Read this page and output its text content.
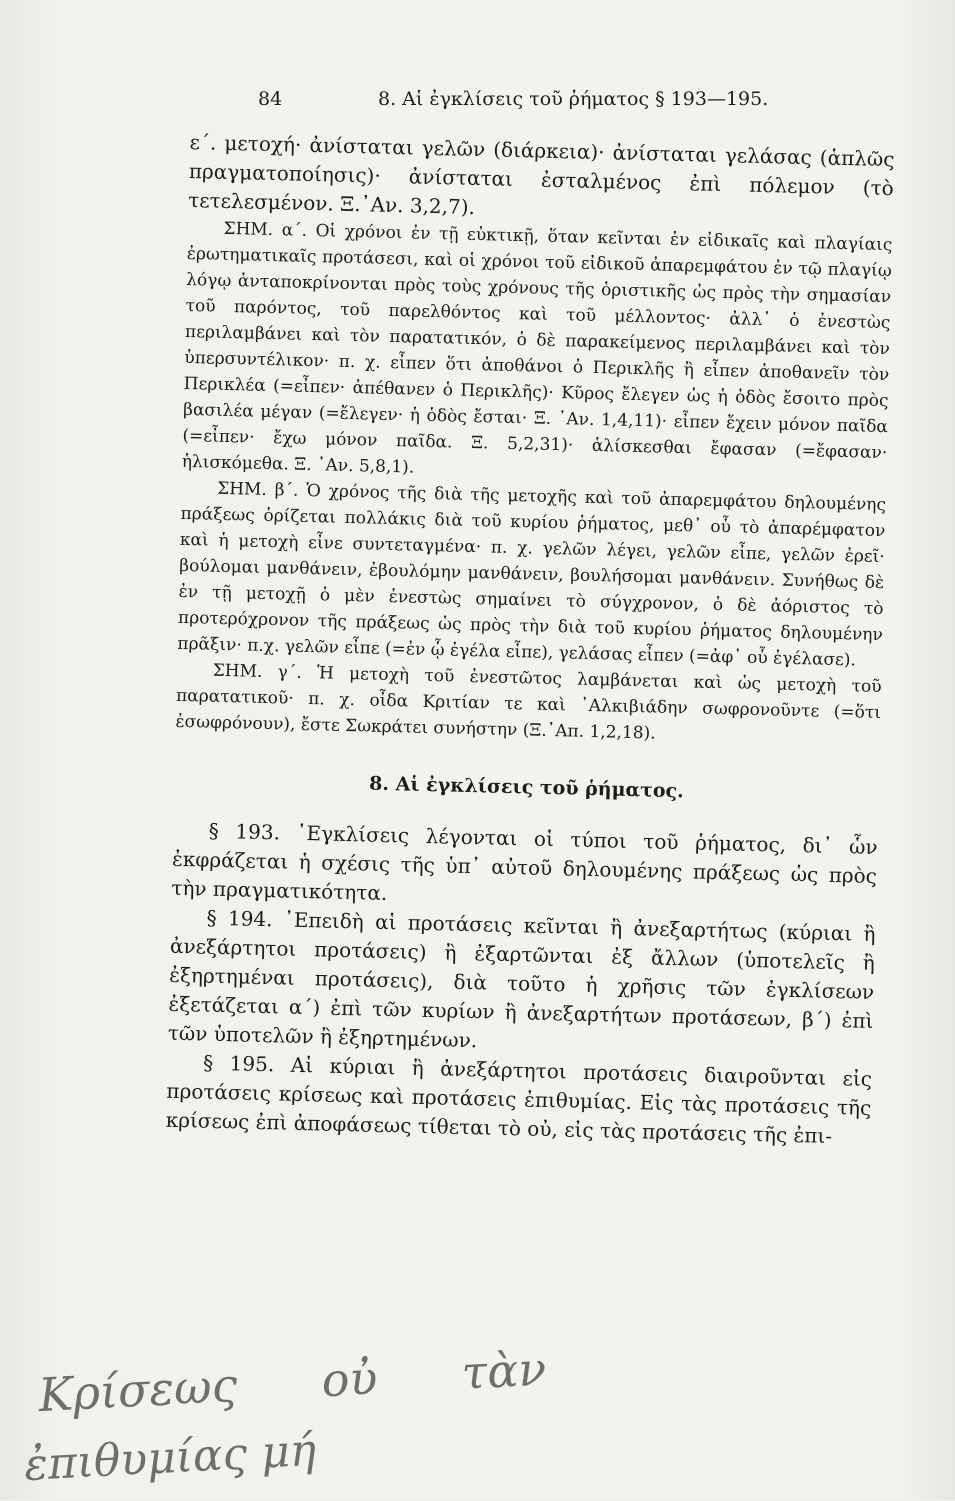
84	8. Αἱ ἐγκλίσεις τοῦ ῥήματος § 193—195.

ε΄. μετοχή· ἀνίσταται γελῶν (διάρκεια)· ἀνίσταται γελάσας (ἁπλῶς πραγματοποίησις)· ἀνίσταται ἐσταλμένος ἐπὶ πόλεμον (τὸ τετελεσμένον. Ξ.᾽Αν. 3,2,7).

ΣΗΜ. α΄. Οἱ χρόνοι ἐν τῇ εὐκτικῇ, ὅταν κεῖνται ἐν εἰδικαῖς καὶ πλαγίαις ἐρωτηματικαῖς προτάσεσι, καὶ οἱ χρόνοι τοῦ εἰδικοῦ ἀπαρεμφάτου ἐν τῷ πλαγίῳ λόγῳ ἀνταποκρίνονται πρὸς τοὺς χρόνους τῆς ὁριστικῆς ὡς πρὸς τὴν σημασίαν τοῦ παρόντος, τοῦ παρελθόντος καὶ τοῦ μέλλοντος· ἀλλ᾽ ὁ ἐνεστὼς περιλαμβάνει καὶ τὸν παρατατικόν, ὁ δὲ παρακείμενος περιλαμβάνει καὶ τὸν ὑπερσυντέλικον· π. χ. εἶπεν ὅτι ἀποθάνοι ὁ Περικλῆς ἢ εἶπεν ἀποθανεῖν τὸν Περικλέα (=εἶπεν· ἀπέθανεν ὁ Περικλῆς)· Κῦρος ἔλεγεν ὡς ἡ ὁδὸς ἔσοιτο πρὸς βασιλέα μέγαν (=ἔλεγεν· ἡ ὁδὸς ἔσται· Ξ. ᾽Αν. 1,4,11)· εἶπεν ἔχειν μόνον παῖδα (=εἶπεν· ἔχω μόνον παῖδα. Ξ. 5,2,31)· ἁλίσκεσθαι ἔφασαν (=ἔφασαν· ἡλισκόμεθα. Ξ. ᾽Αν. 5,8,1).

ΣΗΜ. β΄. Ὁ χρόνος τῆς διὰ τῆς μετοχῆς καὶ τοῦ ἀπαρεμφάτου δηλουμένης πράξεως ὁρίζεται πολλάκις διὰ τοῦ κυρίου ῥήματος, μεθ᾽ οὗ τὸ ἀπαρέμφατον καὶ ἡ μετοχὴ εἶνε συντεταγμένα· π. χ. γελῶν λέγει, γελῶν εἶπε, γελῶν ἐρεῖ· βούλομαι μανθάνειν, ἐβουλόμην μανθάνειν, βουλήσομαι μανθάνειν. Συνήθως δὲ ἐν τῇ μετοχῇ ὁ μὲν ἐνεστὼς σημαίνει τὸ σύγχρονον, ὁ δὲ ἀόριστος τὸ προτερόχρονον τῆς πράξεως ὡς πρὸς τὴν διὰ τοῦ κυρίου ῥήματος δηλουμένην πρᾶξιν· π.χ. γελῶν εἶπε (=ἐν ᾧ ἐγέλα εἶπε), γελάσας εἶπεν (=ἀφ᾽ οὗ ἐγέλασε).

ΣΗΜ. γ΄. Ἡ μετοχὴ τοῦ ἐνεστῶτος λαμβάνεται καὶ ὡς μετοχὴ τοῦ παρατατικοῦ· π. χ. οἶδα Κριτίαν τε καὶ ᾽Αλκιβιάδην σωφρονοῦντε (=ὅτι ἐσωφρόνουν), ἔστε Σωκράτει συνήστην (Ξ.᾽Απ. 1,2,18).

8. Αἱ ἐγκλίσεις τοῦ ῥήματος.

§ 193. ᾽Εγκλίσεις λέγονται οἱ τύποι τοῦ ῥήματος, δι᾽ ὧν ἐκφράζεται ἡ σχέσις τῆς ὑπ᾽ αὐτοῦ δηλουμένης πράξεως ὡς πρὸς τὴν πραγματικότητα.

§ 194. ᾽Επειδὴ αἱ προτάσεις κεῖνται ἢ ἀνεξαρτήτως (κύριαι ἢ ἀνεξάρτητοι προτάσεις) ἢ ἐξαρτῶνται ἐξ ἄλλων (ὑποτελεῖς ἢ ἐξηρτημέναι προτάσεις), διὰ τοῦτο ἡ χρῆσις τῶν ἐγκλίσεων ἐξετάζεται α΄) ἐπὶ τῶν κυρίων ἢ ἀνεξαρτήτων προτάσεων, β΄) ἐπὶ τῶν ὑποτελῶν ἢ ἐξηρτημένων.

§ 195. Αἱ κύριαι ἢ ἀνεξάρτητοι προτάσεις διαιροῦνται εἰς προτάσεις κρίσεως καὶ προτάσεις ἐπιθυμίας. Εἰς τὰς προτάσεις τῆς κρίσεως ἐπὶ ἀποφάσεως τίθεται τὸ οὐ, εἰς τὰς προτάσεις τῆς ἐπι-

Κρίσεως οὐ τὰν
ἐπιθυμίας μή
